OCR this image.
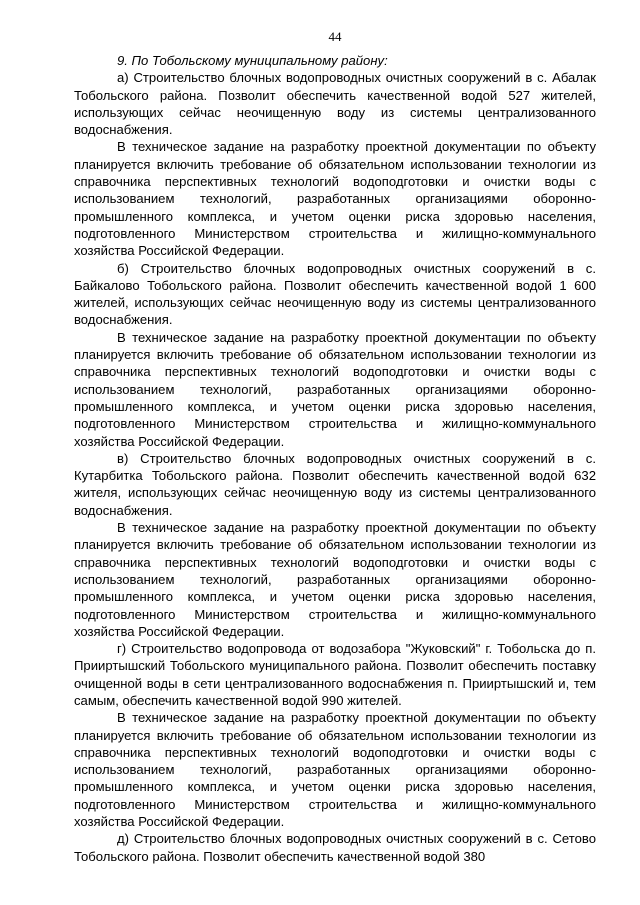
44

9. По Тобольскому муниципальному району:

а) Строительство блочных водопроводных очистных сооружений в с. Абалак Тобольского района. Позволит обеспечить качественной водой 527 жителей, использующих сейчас неочищенную воду из системы централизованного водоснабжения.

В техническое задание на разработку проектной документации по объекту планируется включить требование об обязательном использовании технологии из справочника перспективных технологий водоподготовки и очистки воды с использованием технологий, разработанных организациями оборонно-промышленного комплекса, и учетом оценки риска здоровью населения, подготовленного Министерством строительства и жилищно-коммунального хозяйства Российской Федерации.

б) Строительство блочных водопроводных очистных сооружений в с. Байкалово Тобольского района. Позволит обеспечить качественной водой 1 600 жителей, использующих сейчас неочищенную воду из системы централизованного водоснабжения.

В техническое задание на разработку проектной документации по объекту планируется включить требование об обязательном использовании технологии из справочника перспективных технологий водоподготовки и очистки воды с использованием технологий, разработанных организациями оборонно-промышленного комплекса, и учетом оценки риска здоровью населения, подготовленного Министерством строительства и жилищно-коммунального хозяйства Российской Федерации.

в) Строительство блочных водопроводных очистных сооружений в с. Кутарбитка Тобольского района. Позволит обеспечить качественной водой 632 жителя, использующих сейчас неочищенную воду из системы централизованного водоснабжения.

В техническое задание на разработку проектной документации по объекту планируется включить требование об обязательном использовании технологии из справочника перспективных технологий водоподготовки и очистки воды с использованием технологий, разработанных организациями оборонно-промышленного комплекса, и учетом оценки риска здоровью населения, подготовленного Министерством строительства и жилищно-коммунального хозяйства Российской Федерации.

г) Строительство водопровода от водозабора "Жуковский" г. Тобольска до п. Прииртышский Тобольского муниципального района. Позволит обеспечить поставку очищенной воды в сети централизованного водоснабжения п. Прииртышский и, тем самым, обеспечить качественной водой 990 жителей.

В техническое задание на разработку проектной документации по объекту планируется включить требование об обязательном использовании технологии из справочника перспективных технологий водоподготовки и очистки воды с использованием технологий, разработанных организациями оборонно-промышленного комплекса, и учетом оценки риска здоровью населения, подготовленного Министерством строительства и жилищно-коммунального хозяйства Российской Федерации.

д) Строительство блочных водопроводных очистных сооружений в с. Сетово Тобольского района. Позволит обеспечить качественной водой 380
